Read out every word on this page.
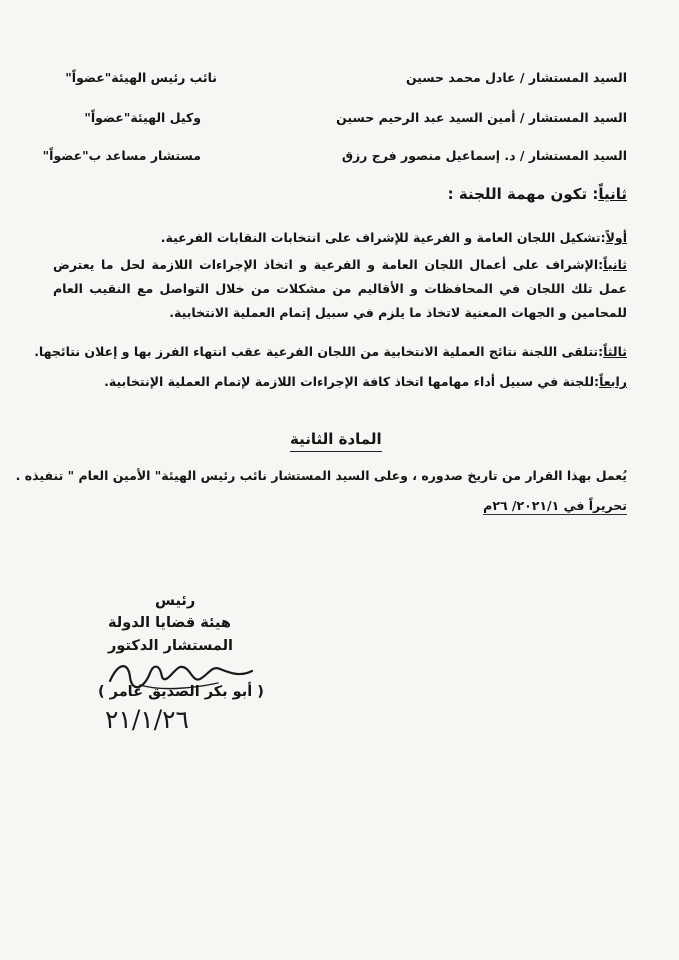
السيد المستشار / عادل محمد حسين
نائب رئيس الهيئة"عضواً"
السيد المستشار / أمين السيد عبد الرحيم حسين
وكيل الهيئة"عضواً"
السيد المستشار / د. إسماعيل منصور فرج رزق
مستشار مساعد ب"عضواً"
ثانياً: تكون مهمة اللجنة :
أولاً:تشكيل اللجان العامة و الفرعية للإشراف على انتخابات النقابات الفرعية.
ثانياً:الإشراف على أعمال اللجان العامة و الفرعية و اتخاذ الإجراءات اللازمة لحل ما يعترض عمل تلك اللجان في المحافظات و الأقاليم من مشكلات من خلال التواصل مع النقيب العام للمحامين و الجهات المعنية لاتخاذ ما يلزم في سبيل إتمام العملية الانتخابية.
ثالثاً:تتلقى اللجنة نتائج العملية الانتخابية من اللجان الفرعية عقب انتهاء الفرز بها و إعلان نتائجها.
رابعاً:للجنة في سبيل أداء مهامها اتخاذ كافة الإجراءات اللازمة لإتمام العملية الإنتخابية.
المادة الثانية
يُعمل بهذا القرار من تاريخ صدوره ، وعلى السيد المستشار نائب رئيس الهيئة" الأمين العام " تنفيذه .
تحريراً في ٢٠٢١/١/ ٢٦م
رئيس
هيئة قضايا الدولة
المستشار الدكتور
( أبو بكر الصديق عامر )
٢١/١/٢٦
